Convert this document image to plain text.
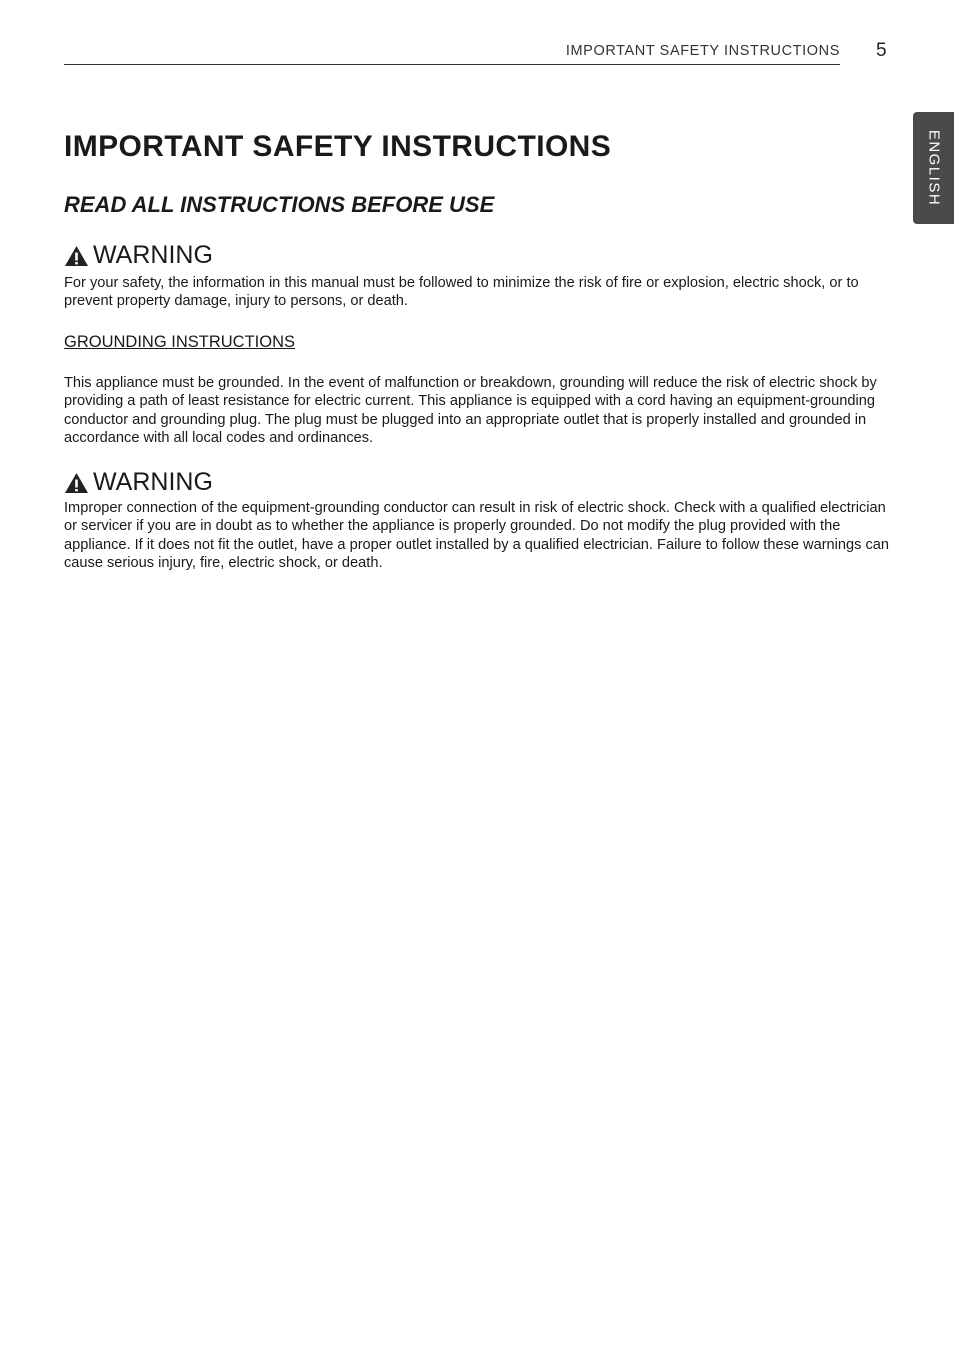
IMPORTANT SAFETY INSTRUCTIONS 5
ENGLISH
IMPORTANT SAFETY INSTRUCTIONS
READ ALL INSTRUCTIONS BEFORE USE
WARNING

For your safety, the information in this manual must be followed to minimize the risk of fire or explosion, electric shock, or to prevent property damage, injury to persons, or death.

GROUNDING INSTRUCTIONS

This appliance must be grounded. In the event of malfunction or breakdown, grounding will reduce the risk of electric shock by providing a path of least resistance for electric current. This appliance is equipped with a cord having an equipment-grounding conductor and grounding plug. The plug must be plugged into an appropriate outlet that is properly installed and grounded in accordance with all local codes and ordinances.

WARNING

Improper connection of the equipment-grounding conductor can result in risk of electric shock. Check with a qualified electrician or servicer if you are in doubt as to whether the appliance is properly grounded. Do not modify the plug provided with the appliance. If it does not fit the outlet, have a proper outlet installed by a qualified electrician. Failure to follow these warnings can cause serious injury, fire, electric shock, or death.
